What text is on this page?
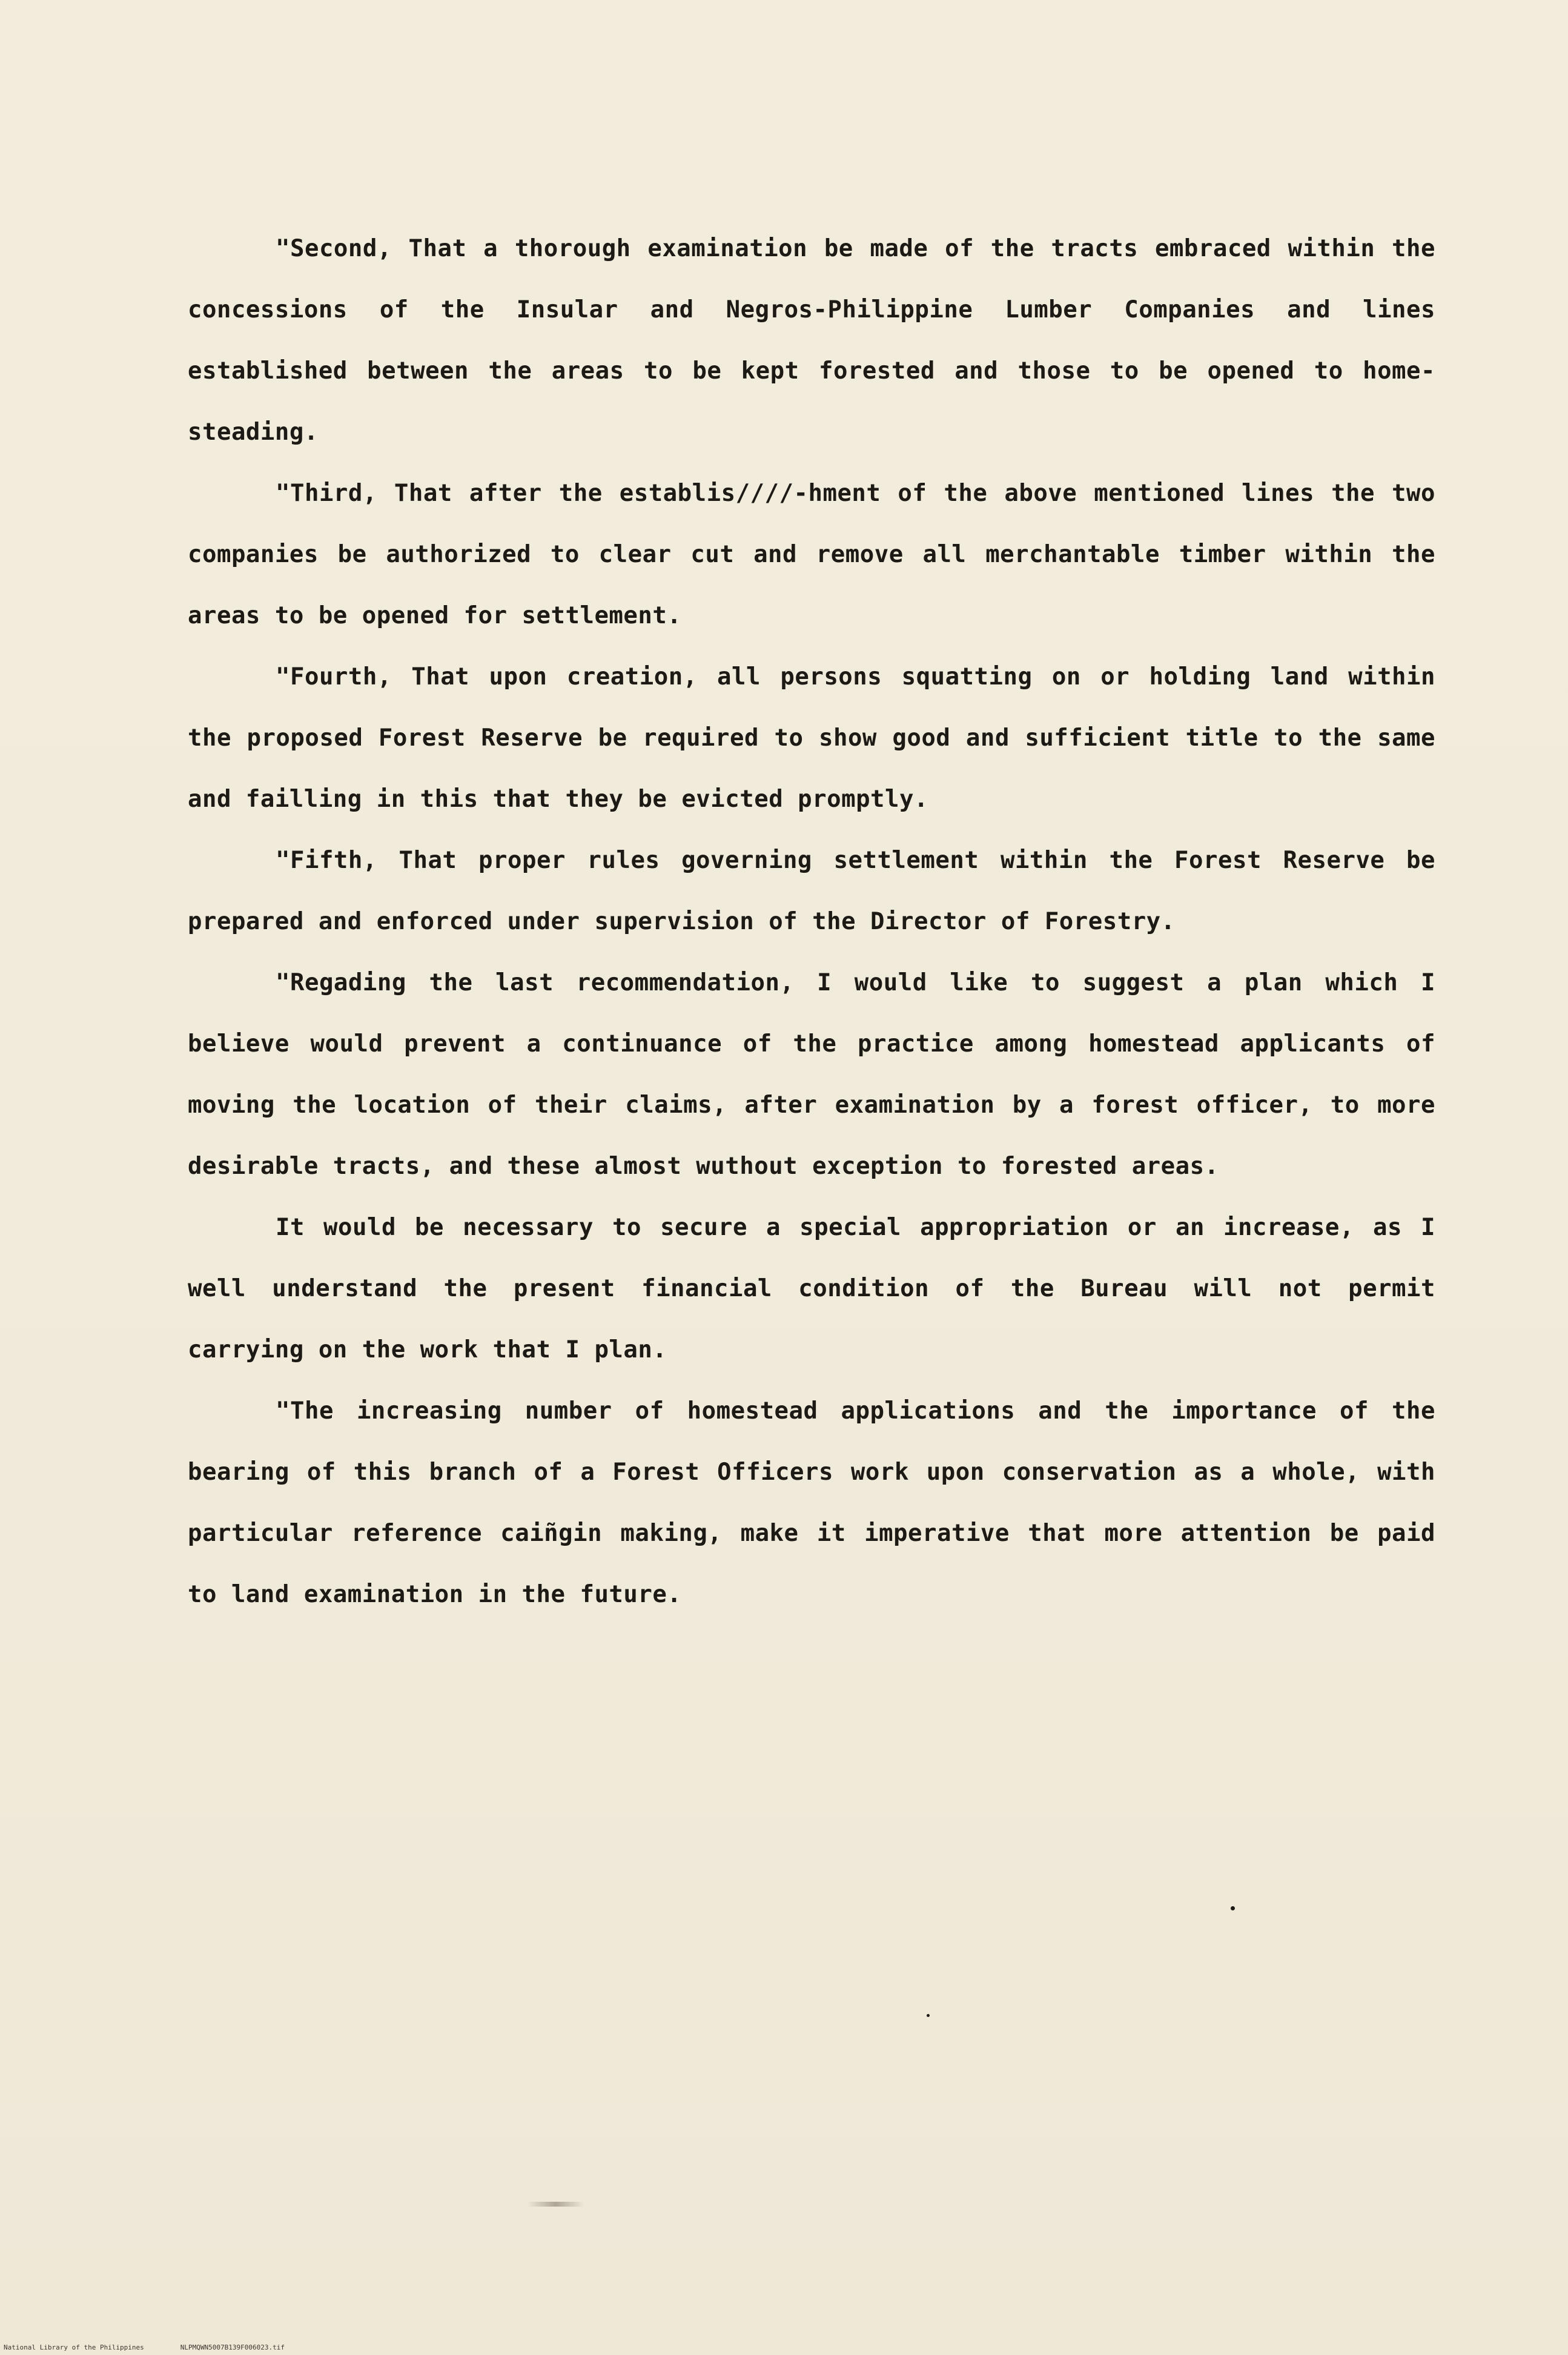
"Second, That a thorough examination be made of the tracts embraced within the concessions of the Insular and Negros-Philippine Lumber Companies and lines established between the areas to be kept forested and those to be opened to home-steading.

"Third, That after the establis////-hment of the above mentioned lines the two companies be authorized to clear cut and remove all merchantable timber within the areas to be opened for settlement.

"Fourth, That upon creation, all persons squatting on or holding land within the proposed Forest Reserve be required to show good and sufficient title to the same and failling in this that they be evicted promptly.

"Fifth, That proper rules governing settlement within the Forest Reserve be prepared and enforced under supervision of the Director of Forestry.

"Regading the last recommendation, I would like to suggest a plan which I believe would prevent a continuance of the practice among homestead applicants of moving the location of their claims, after examination by a forest officer, to more desirable tracts, and these almost wuthout exception to forested areas.

It would be necessary to secure a special appropriation or an increase, as I well understand the present financial condition of the Bureau will not permit carrying on the work that I plan.

"The increasing number of homestead applications and the importance of the bearing of this branch of a Forest Officers work upon conservation as a whole, with particular reference caiñgin making, make it imperative that more attention be paid to land examination in the future.

National Library of the Philippines	NLPMQWN5007B139F006023.tif
